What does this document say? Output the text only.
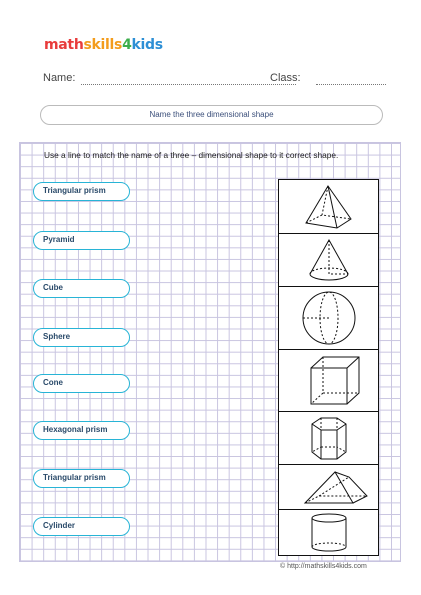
mathskills4kids
Name:	Class:
Name the three dimensional shape
Use a line to match the name of a three – dimensional shape to it correct shape.
Triangular prism
Pyramid
Cube
Sphere
Cone
Hexagonal prism
Triangular prism
Cylinder
© http://mathskills4kids.com
